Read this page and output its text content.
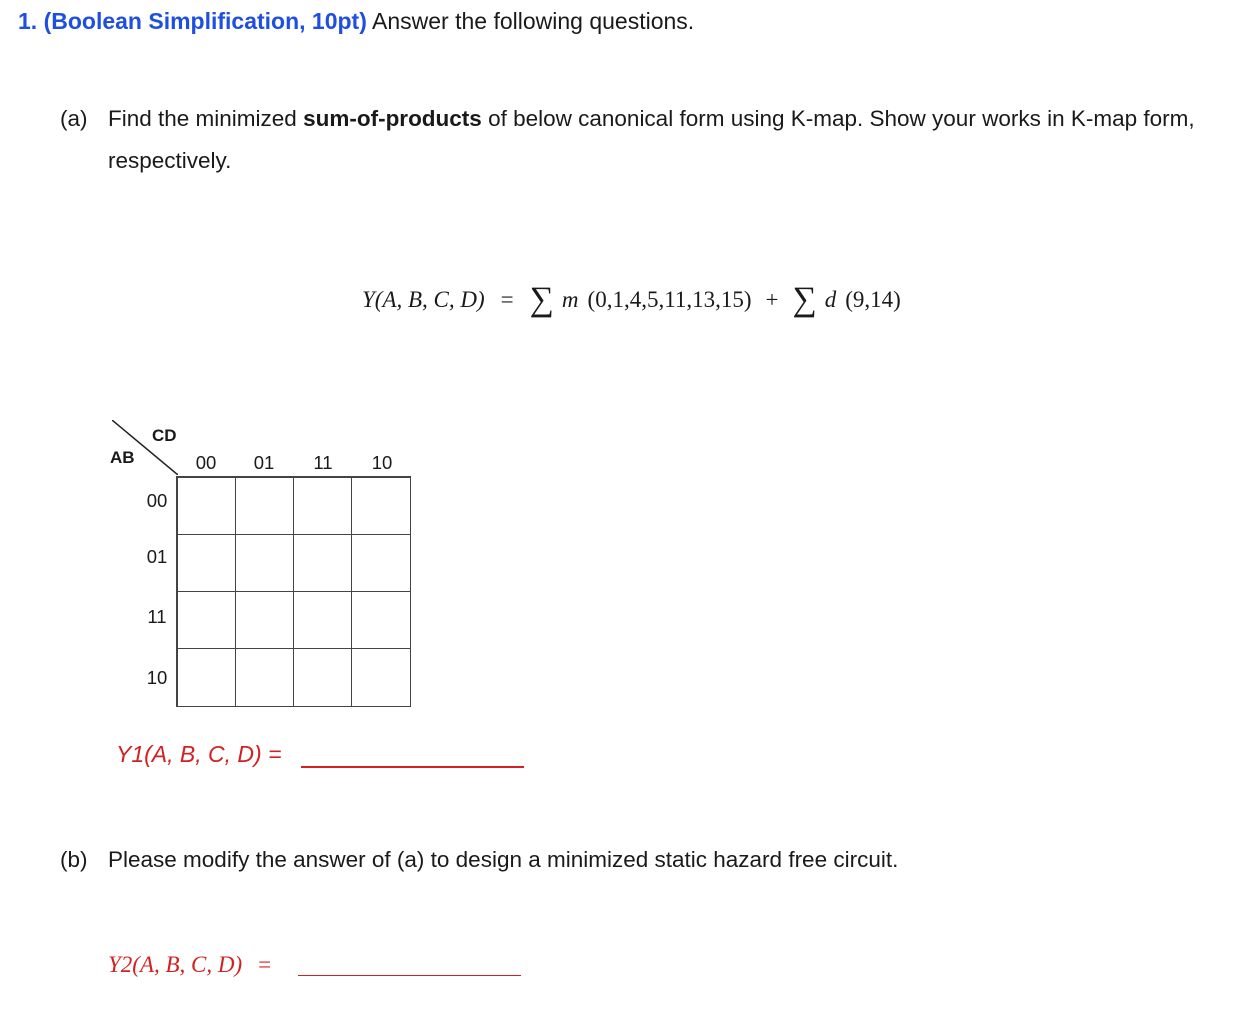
1. (Boolean Simplification, 10pt) Answer the following questions.
(a) Find the minimized sum-of-products of below canonical form using K-map. Show your works in K-map form, respectively.
Y(A, B, C, D) = ∑ m (0,1,4,5,11,13,15) + ∑ d (9,14)
CD
AB	00	01	11	10
00
01
11
10
Y1(A, B, C, D) =
(b) Please modify the answer of (a) to design a minimized static hazard free circuit.
Y2(A, B, C, D) =
